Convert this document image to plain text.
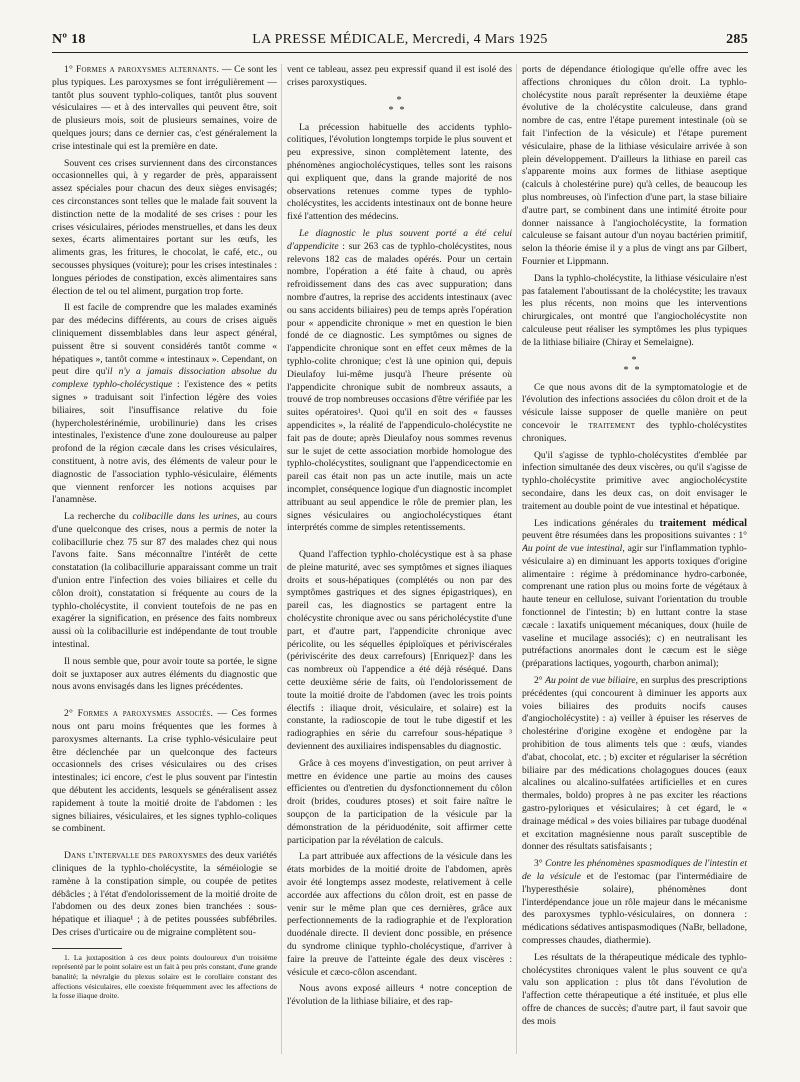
Nº 18	LA PRESSE MÉDICALE, Mercredi, 4 Mars 1925	285

1° Formes a paroxysmes alternants. — Ce sont les plus typiques. Les paroxysmes se font irrégulièrement — tantôt plus souvent typhlo-coliques, tantôt plus souvent vésiculaires — et à des intervalles qui peuvent être, soit de plusieurs mois, soit de plusieurs semaines, voire de quelques jours; dans ce dernier cas, c'est généralement la crise intestinale qui est la première en date.

Souvent ces crises surviennent dans des circonstances occasionnelles qui, à y regarder de près, apparaissent assez spéciales pour chacun des deux sièges envisagés; ces circonstances sont telles que le malade fait souvent la distinction nette de la modalité de ses crises : pour les crises vésiculaires, périodes menstruelles, et dans les deux sexes, écarts alimentaires portant sur les œufs, les aliments gras, les fritures, le chocolat, le café, etc., ou secousses physiques (voiture); pour les crises intestinales : longues périodes de constipation, excès alimentaires sans élection de tel ou tel aliment, purgation trop forte.

Il est facile de comprendre que les malades examinés par des médecins différents, au cours de crises aiguës cliniquement dissemblables dans leur aspect général, puissent être si souvent considérés tantôt comme « hépatiques », tantôt comme « intestinaux ». Cependant, on peut dire qu'il n'y a jamais dissociation absolue du complexe typhlo-cholécystique : l'existence des « petits signes » traduisant soit l'infection légère des voies biliaires, soit l'insuffisance relative du foie (hypercholestérinémie, urobilinurie) dans les crises intestinales, l'existence d'une zone douloureuse au palper profond de la région cæcale dans les crises vésiculaires, constituent, à notre avis, des éléments de valeur pour le diagnostic de l'association typhlo-vésiculaire, éléments que viennent renforcer les notions acquises par l'anamnèse.

La recherche du colibacille dans les urines, au cours d'une quelconque des crises, nous a permis de noter la colibacillurie chez 75 sur 87 des malades chez qui nous l'avons faite. Sans méconnaître l'intérêt de cette constatation (la colibacillurie apparaissant comme un trait d'union entre l'infection des voies biliaires et celle du côlon droit), constatation si fréquente au cours de la typhlo-cholécystite, il convient toutefois de ne pas en exagérer la signification, en présence des faits nombreux aussi où la colibacillurie est indépendante de tout trouble intestinal.

Il nous semble que, pour avoir toute sa portée, le signe doit se juxtaposer aux autres éléments du diagnostic que nous avons envisagés dans les lignes précédentes.

2° Formes a paroxysmes associés. — Ces formes nous ont paru moins fréquentes que les formes à paroxysmes alternants. La crise typhlo-vésiculaire peut être déclenchée par un quelconque des facteurs occasionnels des crises vésiculaires ou des crises intestinales; ici encore, c'est le plus souvent par l'intestin que débutent les accidents, lesquels se généralisent assez rapidement à toute la moitié droite de l'abdomen : les signes biliaires, vésiculaires, et les signes typhlo-coliques se combinent.

Dans l'intervalle des paroxysmes des deux variétés cliniques de la typhlo-cholécystite, la séméiologie se ramène à la constipation simple, ou coupée de petites débâcles ; à l'état d'endolorissement de la moitié droite de l'abdomen ou des deux zones bien tranchées : sous-hépatique et iliaque¹ ; à de petites poussées subfébriles. Des crises d'urticaire ou de migraine complètent sou-

1. La juxtaposition à ces deux points douloureux d'un troisième représenté par le point solaire est un fait à peu près constant, d'une grande banalité; la névralgie du plexus solaire est le corollaire constant des affections vésiculaires, elle coexiste fréquemment avec les affections de la fosse iliaque droite.

vent ce tableau, assez peu expressif quand il est isolé des crises paroxystiques.

*
**

La précession habituelle des accidents typhlo-colitiques, l'évolution longtemps torpide le plus souvent et peu expressive, sinon complètement latente, des phénomènes angiocholécystiques, telles sont les raisons qui expliquent que, dans la grande majorité de nos observations retenues comme types de typhlo-cholécystites, les accidents intestinaux ont de bonne heure fixé l'attention des médecins.

Le diagnostic le plus souvent porté a été celui d'appendicite : sur 263 cas de typhlo-cholécystites, nous relevons 182 cas de malades opérés. Pour un certain nombre, l'opération a été faite à chaud, ou après refroidissement dans des cas avec suppuration; dans nombre d'autres, la reprise des accidents intestinaux (avec ou sans accidents biliaires) peu de temps après l'opération pour « appendicite chronique » met en question le bien fondé de ce diagnostic. Les symptômes ou signes de l'appendicite chronique sont en effet ceux mêmes de la typhlo-colite chronique; c'est là une opinion qui, depuis Dieulafoy lui-même jusqu'à l'heure présente où l'appendicite chronique subit de nombreux assauts, a trouvé de trop nombreuses occasions d'être vérifiée par les suites opératoires¹. Quoi qu'il en soit des « fausses appendicites », la réalité de l'appendiculo-cholécystite ne fait pas de doute; après Dieulafoy nous sommes revenus sur le sujet de cette association morbide homologue des typhlo-cholécystites, soulignant que l'appendicectomie en pareil cas était non pas un acte inutile, mais un acte incomplet, conséquence logique d'un diagnostic incomplet attribuant au seul appendice le rôle de premier plan, les signes vésiculaires ou angiocholécystiques étant interprétés comme de simples retentissements.

Quand l'affection typhlo-cholécystique est à sa phase de pleine maturité, avec ses symptômes et signes iliaques droits et sous-hépatiques (complétés ou non par des symptômes gastriques et des signes épigastriques), en pareil cas, les diagnostics se partagent entre la cholécystite chronique avec ou sans péricholécystite d'une part, et d'autre part, l'appendicite chronique avec péricolite, ou les séquelles épiploïques et périviscérales (périviscérite des deux carrefours) [Enriquez]² dans les cas nombreux où l'appendice a été déjà réséqué. Dans cette deuxième série de faits, où l'endolorissement de toute la moitié droite de l'abdomen (avec les trois points électifs : iliaque droit, vésiculaire, et solaire) est la constante, la radioscopie de tout le tube digestif et les radiographies en série du carrefour sous-hépatique ³ deviennent des auxiliaires indispensables du diagnostic.

Grâce à ces moyens d'investigation, on peut arriver à mettre en évidence une partie au moins des causes efficientes ou d'entretien du dysfonctionnement du côlon droit (brides, coudures ptoses) et soit faire naître le soupçon de la participation de la vésicule par la démonstration de la périduodénite, soit affirmer cette participation par la révélation de calculs.

La part attribuée aux affections de la vésicule dans les états morbides de la moitié droite de l'abdomen, après avoir été longtemps assez modeste, relativement à celle accordée aux affections du côlon droit, est en passe de venir sur le même plan que ces dernières, grâce aux perfectionnements de la radiographie et de l'exploration duodénale directe. Il devient donc possible, en présence du syndrome clinique typhlo-cholécystique, d'arriver à faire la preuve de l'atteinte égale des deux viscères : vésicule et cæco-côlon ascendant.

Nous avons exposé ailleurs ⁴ notre conception de l'évolution de la lithiase biliaire, et des rap-

ports de dépendance étiologique qu'elle offre avec les affections chroniques du côlon droit. La typhlo-cholécystite nous paraît représenter la deuxième étape évolutive de la cholécystite calculeuse, dans grand nombre de cas, entre l'étape purement intestinale (où se fait l'infection de la vésicule) et l'étape purement vésiculaire, phase de la lithiase vésiculaire arrivée à son plein développement. D'ailleurs la lithiase en pareil cas s'apparente moins aux formes de lithiase aseptique (calculs à cholestérine pure) qu'à celles, de beaucoup les plus nombreuses, où l'infection d'une part, la stase biliaire d'autre part, se combinent dans une intimité étroite pour donner naissance à l'angiocholécystite, la formation calculeuse se faisant autour d'un noyau bactérien primitif, selon la théorie émise il y a plus de vingt ans par Gilbert, Fournier et Lippmann.

Dans la typhlo-cholécystite, la lithiase vésiculaire n'est pas fatalement l'aboutissant de la cholécystite; les travaux les plus récents, non moins que les interventions chirurgicales, ont montré que l'angiocholécystite non calculeuse peut réaliser les symptômes les plus typiques de la lithiase biliaire (Chiray et Semelaigne).

*
**

Ce que nous avons dit de la symptomatologie et de l'évolution des infections associées du côlon droit et de la vésicule laisse supposer de quelle manière on peut concevoir le traitement des typhlo-cholécystites chroniques.

Qu'il s'agisse de typhlo-cholécystites d'emblée par infection simultanée des deux viscères, ou qu'il s'agisse de typhlo-cholécystite primitive avec angiocholécystite secondaire, dans les deux cas, on doit envisager le traitement au double point de vue intestinal et hépatique.

Les indications générales du traitement médical peuvent être résumées dans les propositions suivantes : 1° Au point de vue intestinal, agir sur l'inflammation typhlo-vésiculaire a) en diminuant les apports toxiques d'origine alimentaire : régime à prédominance hydro-carbonée, comprenant une ration plus ou moins forte de végétaux à haute teneur en cellulose, suivant l'orientation du trouble fonctionnel de l'intestin; b) en luttant contre la stase cæcale : laxatifs uniquement mécaniques, doux (huile de vaseline et mucilage associés); c) en neutralisant les putréfactions anormales dont le cæcum est le siège (préparations lactiques, yogourth, charbon animal);

2° Au point de vue biliaire, en surplus des prescriptions précédentes (qui concourent à diminuer les apports aux voies biliaires des produits nocifs causes d'angiocholécystite) : a) veiller à épuiser les réserves de cholestérine d'origine exogène et endogène par la prohibition de tous aliments tels que : œufs, viandes d'abat, chocolat, etc. ; b) exciter et régulariser la sécrétion biliaire par des médications cholagogues douces (eaux alcalines ou alcalino-sulfatées artificielles et en cures thermales, boldo) propres à ne pas exciter les réactions gastro-pyloriques et vésiculaires; à cet égard, le « drainage médical » des voies biliaires par tubage duodénal et excitation magnésienne nous paraît susceptible de donner des résultats satisfaisants ;

3° Contre les phénomènes spasmodiques de l'intestin et de la vésicule et de l'estomac (par l'intermédiaire de l'hyperesthésie solaire), phénomènes dont l'interdépendance joue un rôle majeur dans le mécanisme des paroxysmes typhlo-vésiculaires, on donnera : médications sédatives antispasmodiques (NaBr, belladone, compresses chaudes, diathermie).

Les résultats de la thérapeutique médicale des typhlo-cholécystites chroniques valent le plus souvent ce qu'a valu son application : plus tôt dans l'évolution de l'affection cette thérapeutique a été instituée, et plus elle offre de chances de succès; d'autre part, il faut savoir que des mois
